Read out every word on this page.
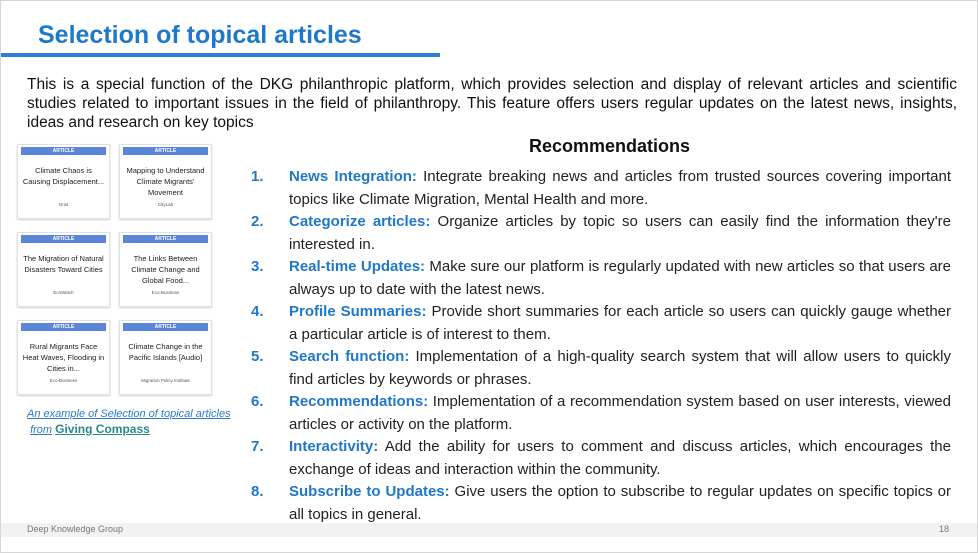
Selection of topical articles
This is a special function of the DKG philanthropic platform, which provides selection and display of relevant articles and scientific studies related to important issues in the field of philanthropy. This feature offers users regular updates on the latest news, insights, ideas and research on key topics
ARTICLE
Climate Chaos is Causing Displacement...
Grist
ARTICLE
Mapping to Understand Climate Migrants' Movement
CityLab
ARTICLE
The Migration of Natural Disasters Toward Cities
EcoWatch
ARTICLE
The Links Between Climate Change and Global Food...
Eco-Business
ARTICLE
Rural Migrants Face Heat Waves, Flooding in Cities in...
Eco-Business
ARTICLE
Climate Change in the Pacific Islands [Audio]
Migration Policy Institute
An example of Selection of topical articles
from Giving Compass
Recommendations
1.	News Integration: Integrate breaking news and articles from trusted sources covering important topics like Climate Migration, Mental Health and more.
2.	Categorize articles: Organize articles by topic so users can easily find the information they're interested in.
3.	Real-time Updates: Make sure our platform is regularly updated with new articles so that users are always up to date with the latest news.
4.	Profile Summaries: Provide short summaries for each article so users can quickly gauge whether a particular article is of interest to them.
5.	Search function: Implementation of a high-quality search system that will allow users to quickly find articles by keywords or phrases.
6.	Recommendations: Implementation of a recommendation system based on user interests, viewed articles or activity on the platform.
7.	Interactivity: Add the ability for users to comment and discuss articles, which encourages the exchange of ideas and interaction within the community.
8.	Subscribe to Updates: Give users the option to subscribe to regular updates on specific topics or all topics in general.
Deep Knowledge Group	18
